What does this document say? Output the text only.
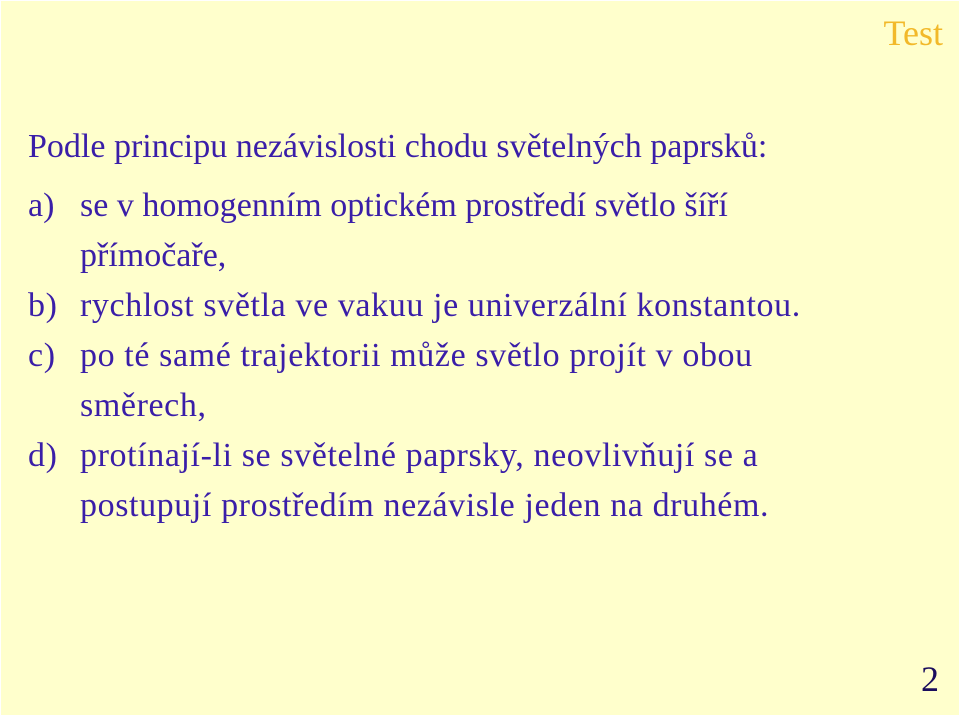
Test
Podle principu nezávislosti chodu světelných paprsků:
a) se v homogenním optickém prostředí světlo šíří
přímočaře,
b) rychlost světla ve vakuu je univerzální konstantou.
c) po té samé trajektorii může světlo projít v obou
směrech,
d) protínají-li se světelné paprsky, neovlivňují se a
postupují prostředím nezávisle jeden na druhém.
2
